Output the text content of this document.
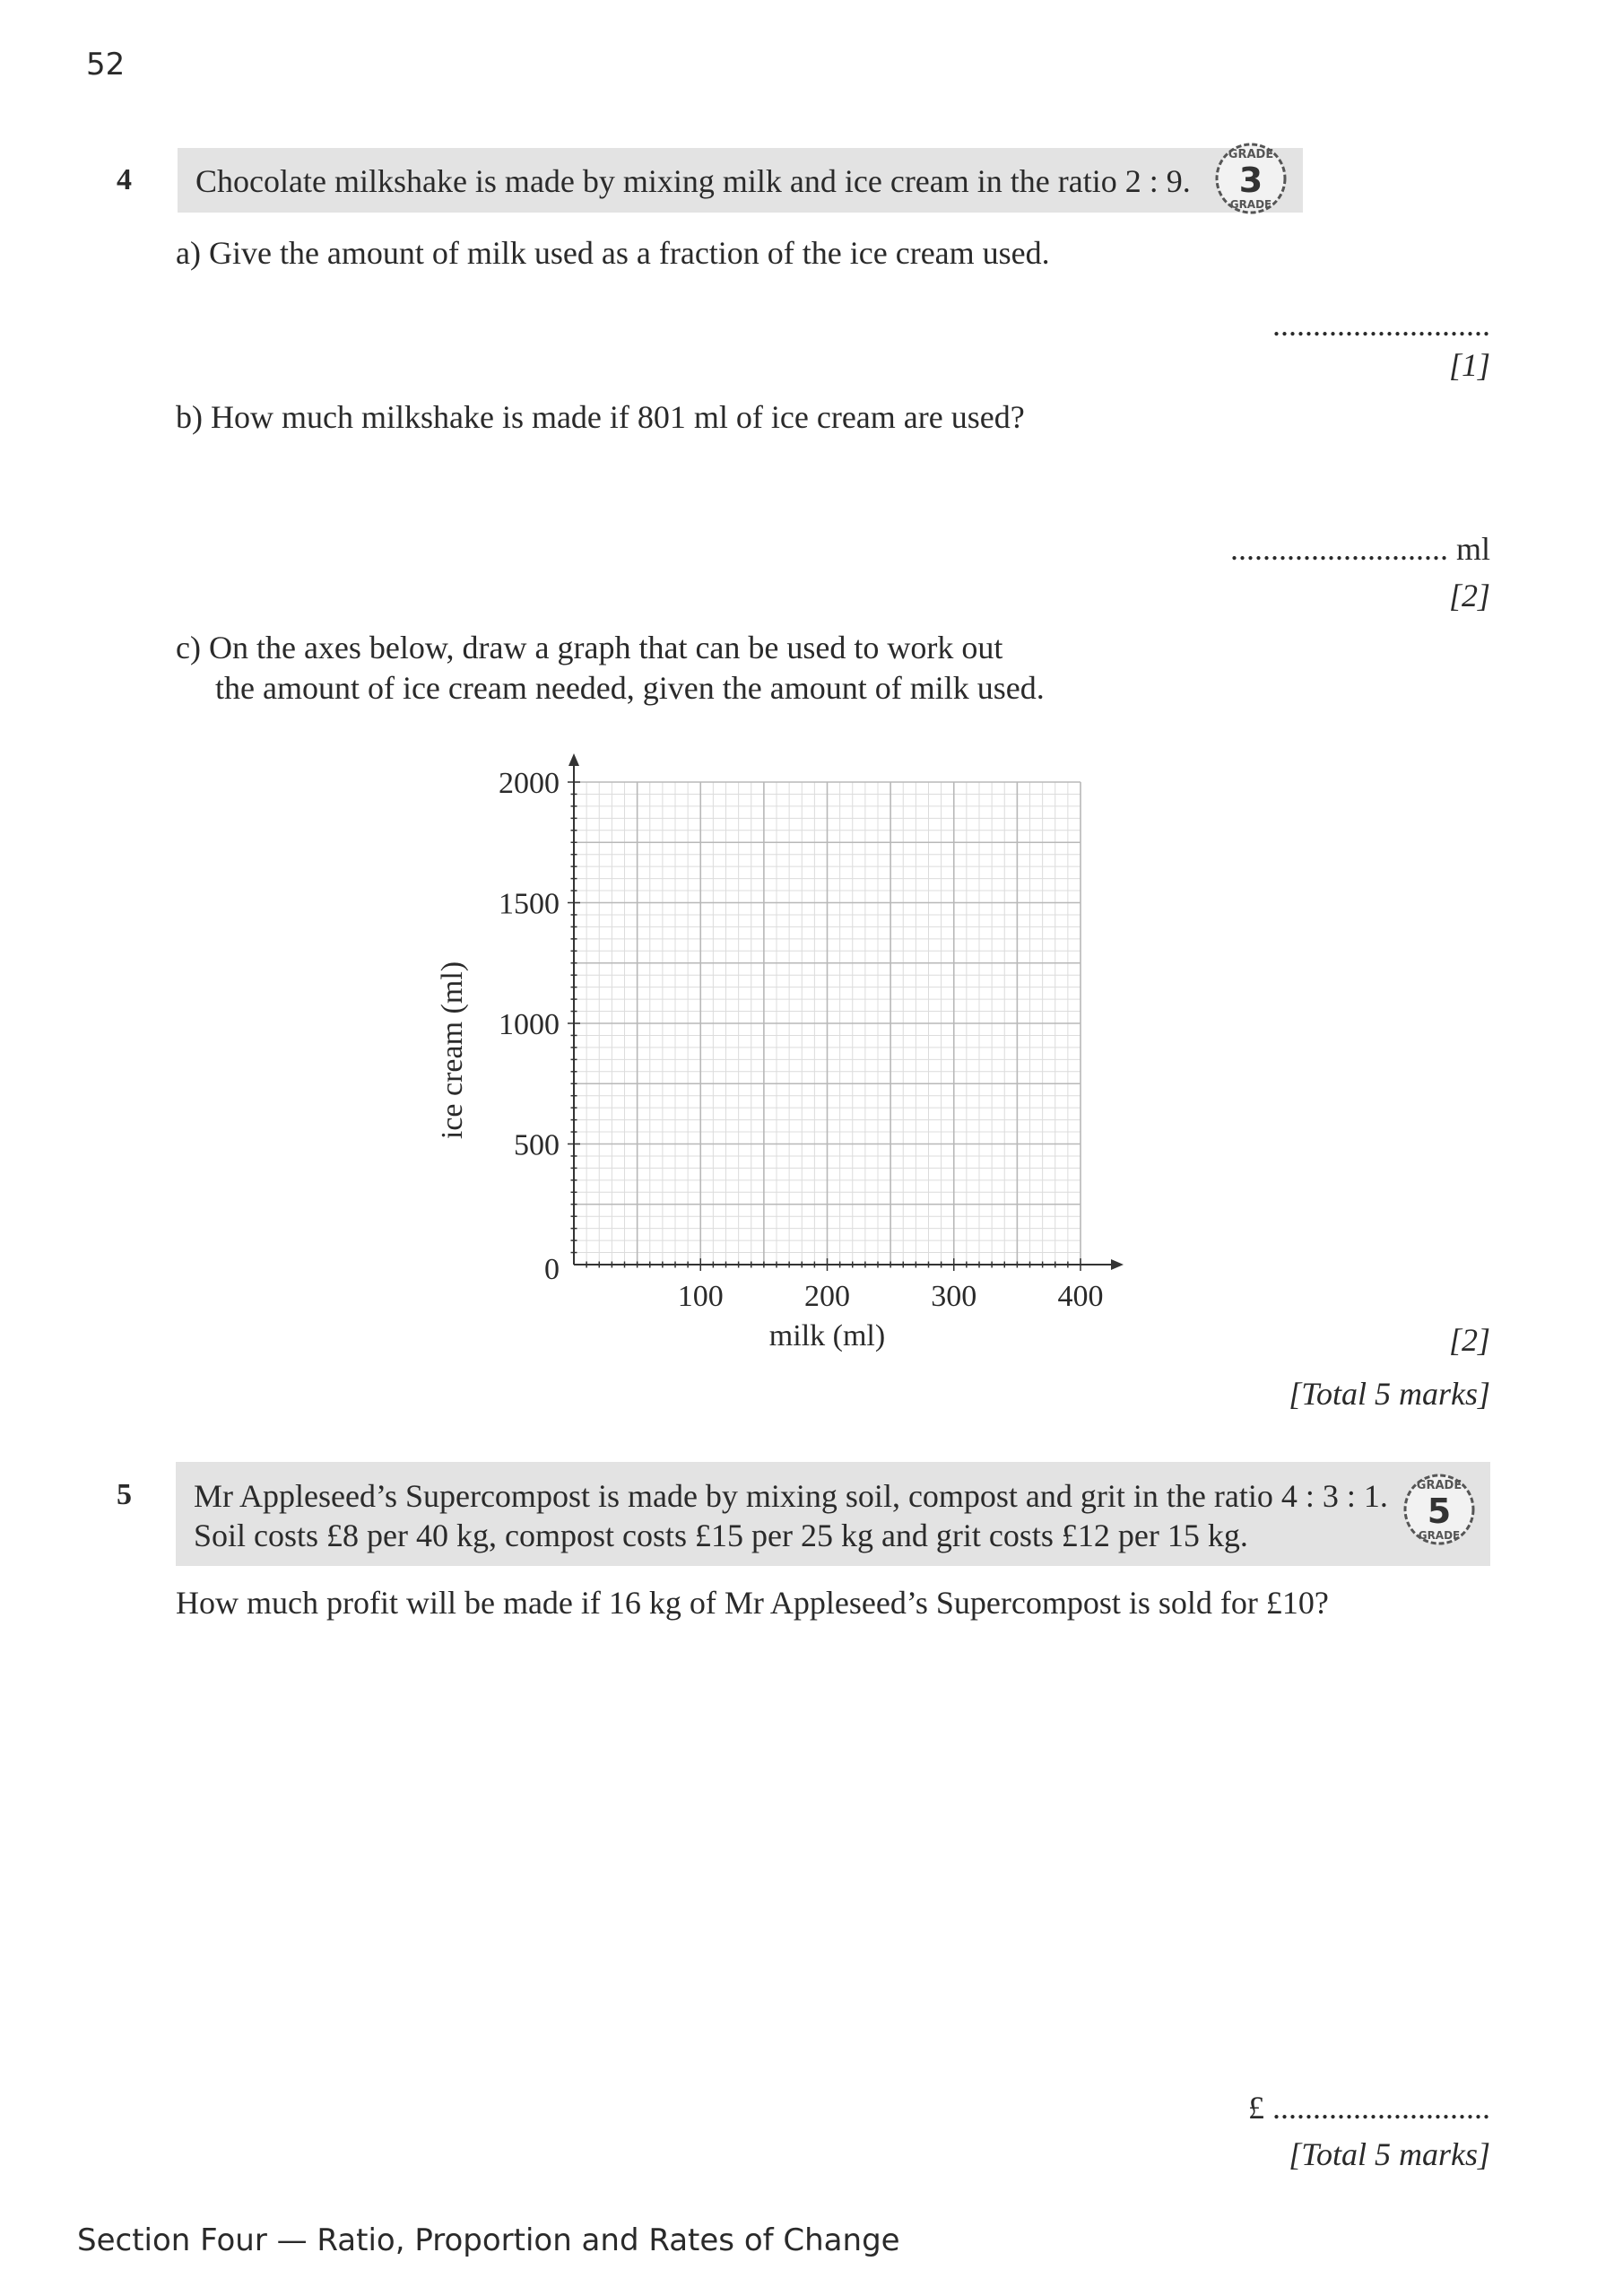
52
4 Chocolate milkshake is made by mixing milk and ice cream in the ratio 2 : 9.
GRADE
3
GRADE
a) Give the amount of milk used as a fraction of the ice cream used.
...........................
[1]
b) How much milkshake is made if 801 ml of ice cream are used?
........................... ml
[2]
c) On the axes below, draw a graph that can be used to work out
the amount of ice cream needed, given the amount of milk used.
100	200	300	400
2000
1500
1000
500
0
milk (ml)
ice cream (ml)
[2]
[Total 5 marks]
5 Mr Appleseed’s Supercompost is made by mixing soil, compost and grit in the ratio 4 : 3 : 1.
Soil costs £8 per 40 kg, compost costs £15 per 25 kg and grit costs £12 per 15 kg.
GRADE
5
GRADE
How much profit will be made if 16 kg of Mr Appleseed’s Supercompost is sold for £10?
£ ...........................
[Total 5 marks]
Section Four — Ratio, Proportion and Rates of Change
